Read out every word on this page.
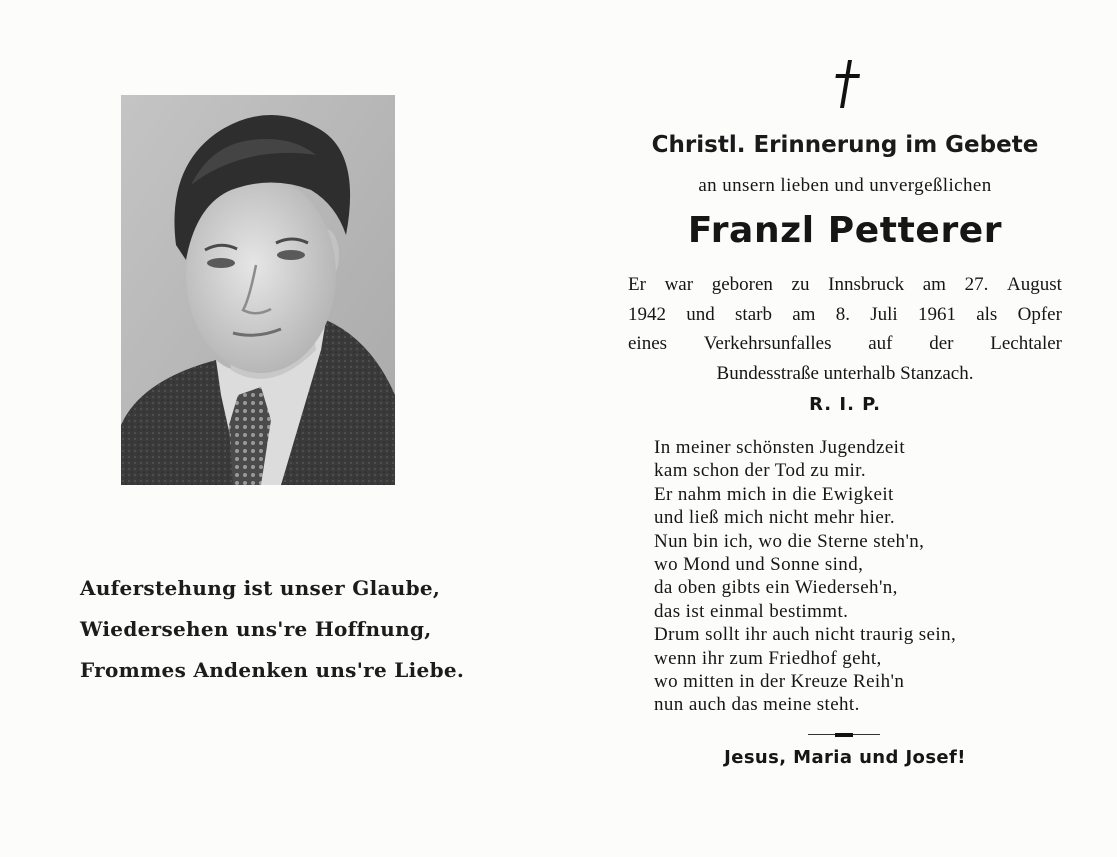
Auferstehung ist unser Glaube,
Wiedersehen uns're Hoffnung,
Frommes Andenken uns're Liebe.
Christl. Erinnerung im Gebete
an unsern lieben und unvergeßlichen
Franzl Petterer
Er war geboren zu Innsbruck am 27. August
1942 und starb am 8. Juli 1961 als Opfer
eines Verkehrsunfalles auf der Lechtaler
Bundesstraße unterhalb Stanzach.
R. I. P.
In meiner schönsten Jugendzeit
kam schon der Tod zu mir.
Er nahm mich in die Ewigkeit
und ließ mich nicht mehr hier.
Nun bin ich, wo die Sterne steh'n,
wo Mond und Sonne sind,
da oben gibts ein Wiederseh'n,
das ist einmal bestimmt.
Drum sollt ihr auch nicht traurig sein,
wenn ihr zum Friedhof geht,
wo mitten in der Kreuze Reih'n
nun auch das meine steht.
Jesus, Maria und Josef!
